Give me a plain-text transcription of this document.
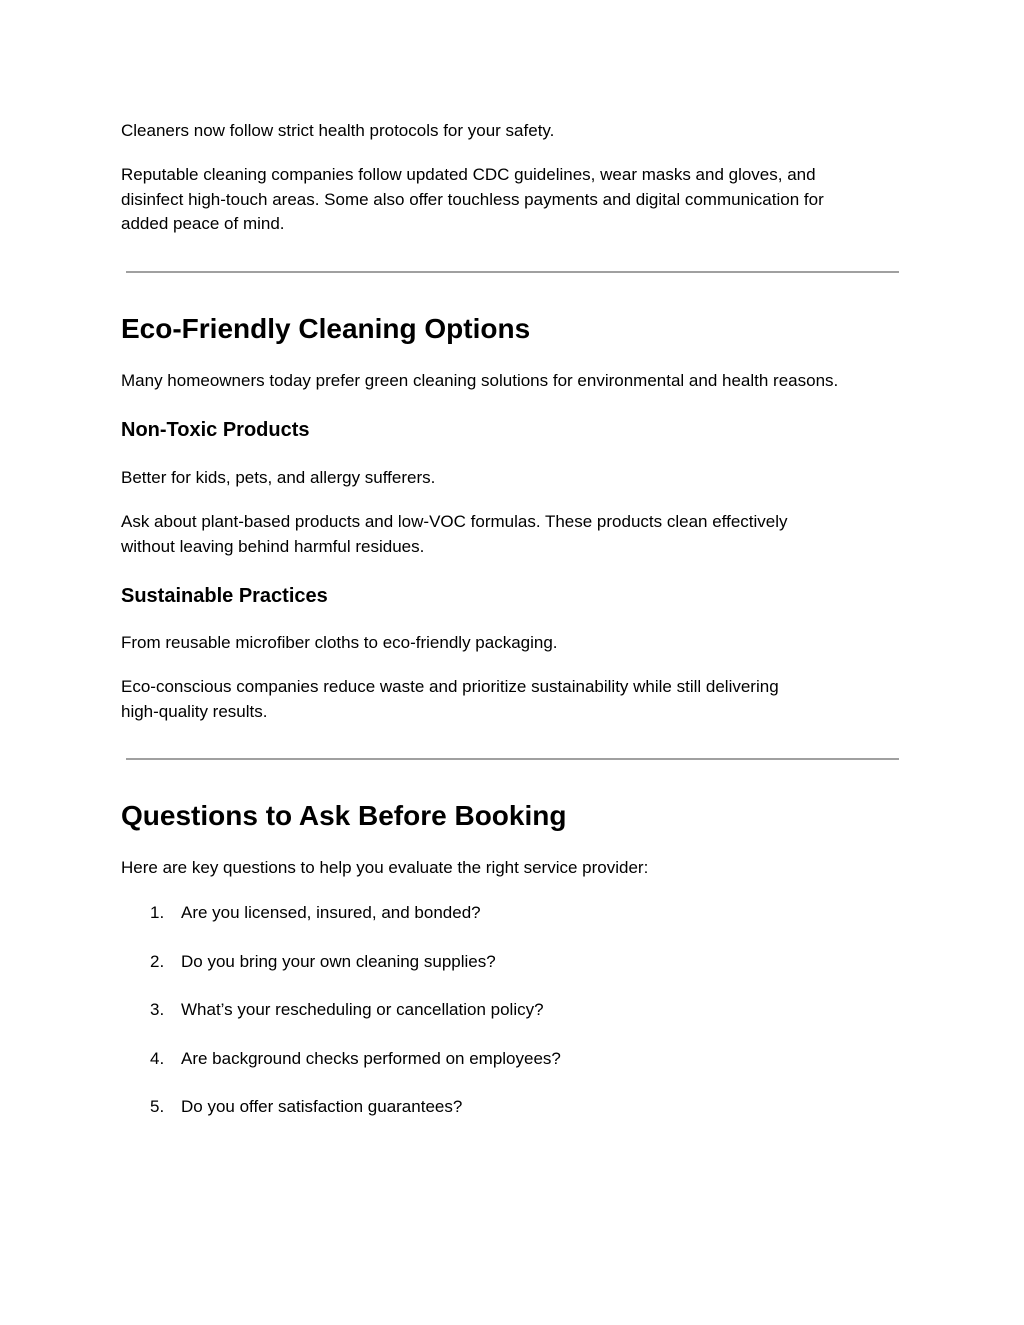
Cleaners now follow strict health protocols for your safety.

Reputable cleaning companies follow updated CDC guidelines, wear masks and gloves, and
disinfect high-touch areas. Some also offer touchless payments and digital communication for
added peace of mind.
Eco-Friendly Cleaning Options

Many homeowners today prefer green cleaning solutions for environmental and health reasons.

Non-Toxic Products

Better for kids, pets, and allergy sufferers.

Ask about plant-based products and low-VOC formulas. These products clean effectively
without leaving behind harmful residues.
Sustainable Practices

From reusable microfiber cloths to eco-friendly packaging.

Eco-conscious companies reduce waste and prioritize sustainability while still delivering
high-quality results.
Questions to Ask Before Booking

Here are key questions to help you evaluate the right service provider:

1. Are you licensed, insured, and bonded?
2. Do you bring your own cleaning supplies?
3. What’s your rescheduling or cancellation policy?
4. Are background checks performed on employees?
5. Do you offer satisfaction guarantees?
